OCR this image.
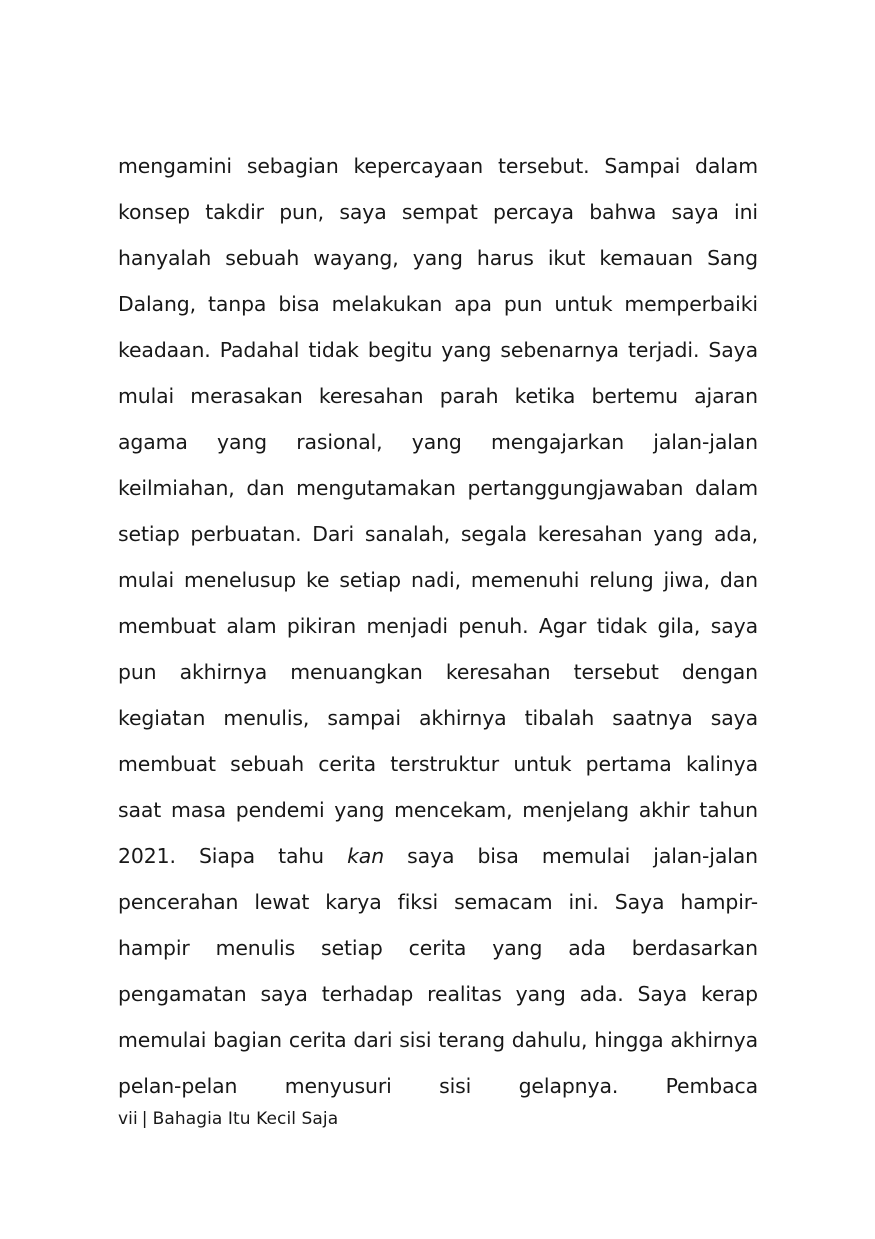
mengamini sebagian kepercayaan tersebut. Sampai dalam konsep takdir pun, saya sempat percaya bahwa saya ini hanyalah sebuah wayang, yang harus ikut kemauan Sang Dalang, tanpa bisa melakukan apa pun untuk memperbaiki keadaan. Padahal tidak begitu yang sebenarnya terjadi. Saya mulai merasakan keresahan parah ketika bertemu ajaran agama yang rasional, yang mengajarkan jalan-jalan keilmiahan, dan mengutamakan pertanggungjawaban dalam setiap perbuatan. Dari sanalah, segala keresahan yang ada, mulai menelusup ke setiap nadi, memenuhi relung jiwa, dan membuat alam pikiran menjadi penuh. Agar tidak gila, saya pun akhirnya menuangkan keresahan tersebut dengan kegiatan menulis, sampai akhirnya tibalah saatnya saya membuat sebuah cerita terstruktur untuk pertama kalinya saat masa pendemi yang mencekam, menjelang akhir tahun 2021. Siapa tahu kan saya bisa memulai jalan-jalan pencerahan lewat karya fiksi semacam ini. Saya hampir-hampir menulis setiap cerita yang ada berdasarkan pengamatan saya terhadap realitas yang ada. Saya kerap memulai bagian cerita dari sisi terang dahulu, hingga akhirnya pelan-pelan menyusuri sisi gelapnya. Pembaca

vii | Bahagia Itu Kecil Saja
